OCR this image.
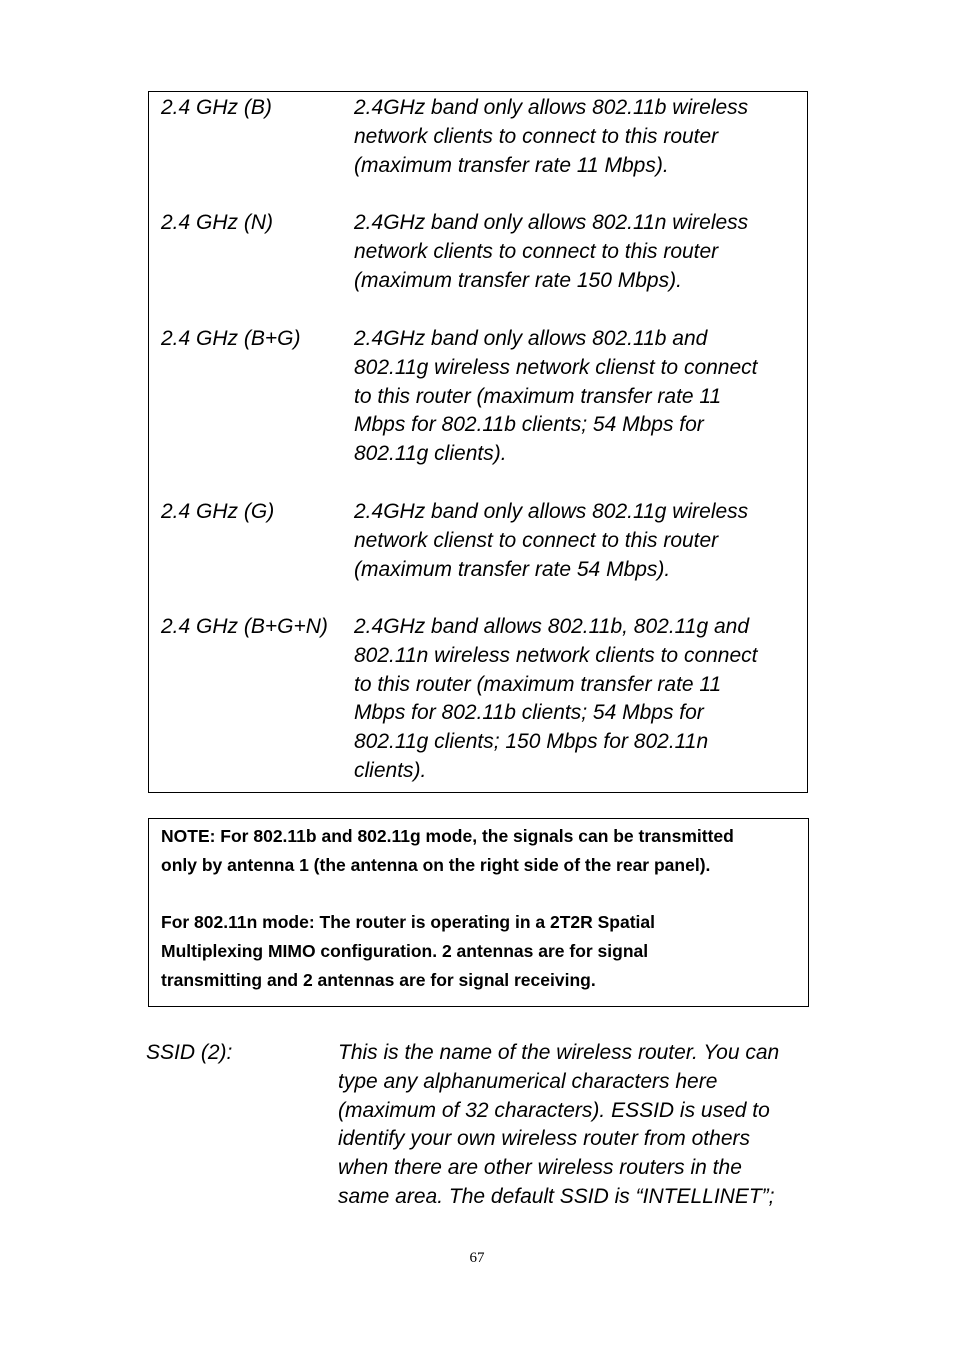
2.4 GHz (B)	2.4GHz band only allows 802.11b wireless
network clients to connect to this router
(maximum transfer rate 11 Mbps).
2.4 GHz (N)	2.4GHz band only allows 802.11n wireless
network clients to connect to this router
(maximum transfer rate 150 Mbps).
2.4 GHz (B+G)	2.4GHz band only allows 802.11b and
802.11g wireless network clienst to connect
to this router (maximum transfer rate 11
Mbps for 802.11b clients; 54 Mbps for
802.11g clients).
2.4 GHz (G)	2.4GHz band only allows 802.11g wireless
network clienst to connect to this router
(maximum transfer rate 54 Mbps).
2.4 GHz (B+G+N) 2.4GHz band allows 802.11b, 802.11g and
802.11n wireless network clients to connect
to this router (maximum transfer rate 11
Mbps for 802.11b clients; 54 Mbps for
802.11g clients; 150 Mbps for 802.11n
clients).
NOTE: For 802.11b and 802.11g mode, the signals can be transmitted
only by antenna 1 (the antenna on the right side of the rear panel).
For 802.11n mode: The router is operating in a 2T2R Spatial
Multiplexing MIMO configuration. 2 antennas are for signal
transmitting and 2 antennas are for signal receiving.
SSID (2):	This is the name of the wireless router. You can
type any alphanumerical characters here
(maximum of 32 characters). ESSID is used to
identify your own wireless router from others
when there are other wireless routers in the
same area. The default SSID is “INTELLINET”;
67
